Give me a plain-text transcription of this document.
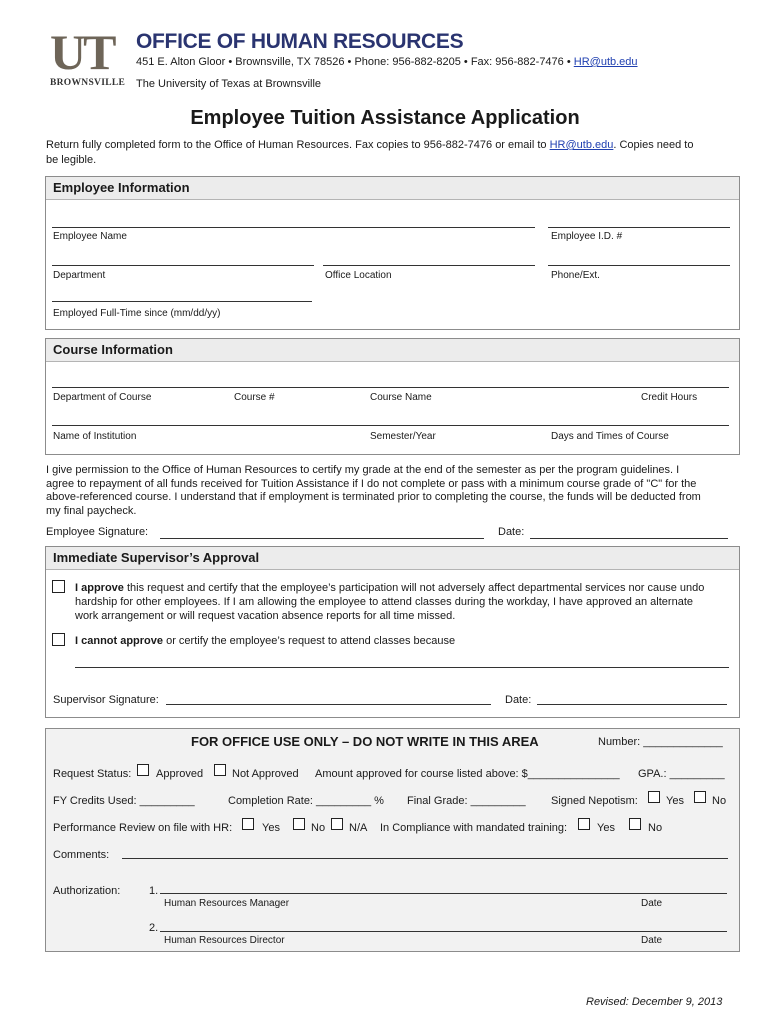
UT
BROWNSVILLE
OFFICE OF HUMAN RESOURCES
451 E. Alton Gloor • Brownsville, TX 78526 • Phone: 956-882-8205 • Fax: 956-882-7476 • HR@utb.edu
The University of Texas at Brownsville
Employee Tuition Assistance Application
Return fully completed form to the Office of Human Resources. Fax copies to 956-882-7476 or email to HR@utb.edu. Copies need to
be legible.
Employee Information
Employee Name	Employee I.D. #
Department	Office Location	Phone/Ext.
Employed Full-Time since (mm/dd/yy)
Course Information
Department of Course	Course #	Course Name	Credit Hours
Name of Institution	Semester/Year	Days and Times of Course
I give permission to the Office of Human Resources to certify my grade at the end of the semester as per the program guidelines. I
agree to repayment of all funds received for Tuition Assistance if I do not complete or pass with a minimum course grade of "C" for the
above-referenced course. I understand that if employment is terminated prior to completing the course, the funds will be deducted from
my final paycheck.
Employee Signature:	Date:
Immediate Supervisor’s Approval
I approve this request and certify that the employee’s participation will not adversely affect departmental services nor cause undo
hardship for other employees. If I am allowing the employee to attend classes during the workday, I have approved an alternate
work arrangement or will request vacation absence reports for all time missed.
I cannot approve or certify the employee’s request to attend classes because
Supervisor Signature:	Date:
FOR OFFICE USE ONLY – DO NOT WRITE IN THIS AREA	Number: _____________
Request Status: Approved	Not Approved Amount approved for course listed above: $_______________ GPA.: _________
FY Credits Used: _________	Completion Rate: _________ % Final Grade: _________ Signed Nepotism:	Yes	No
Performance Review on file with HR:	Yes	No N/A In Compliance with mandated training:	Yes	No
Comments:
Authorization:	1.
Human Resources Manager	Date
2.
Human Resources Director	Date
Revised: December 9, 2013
